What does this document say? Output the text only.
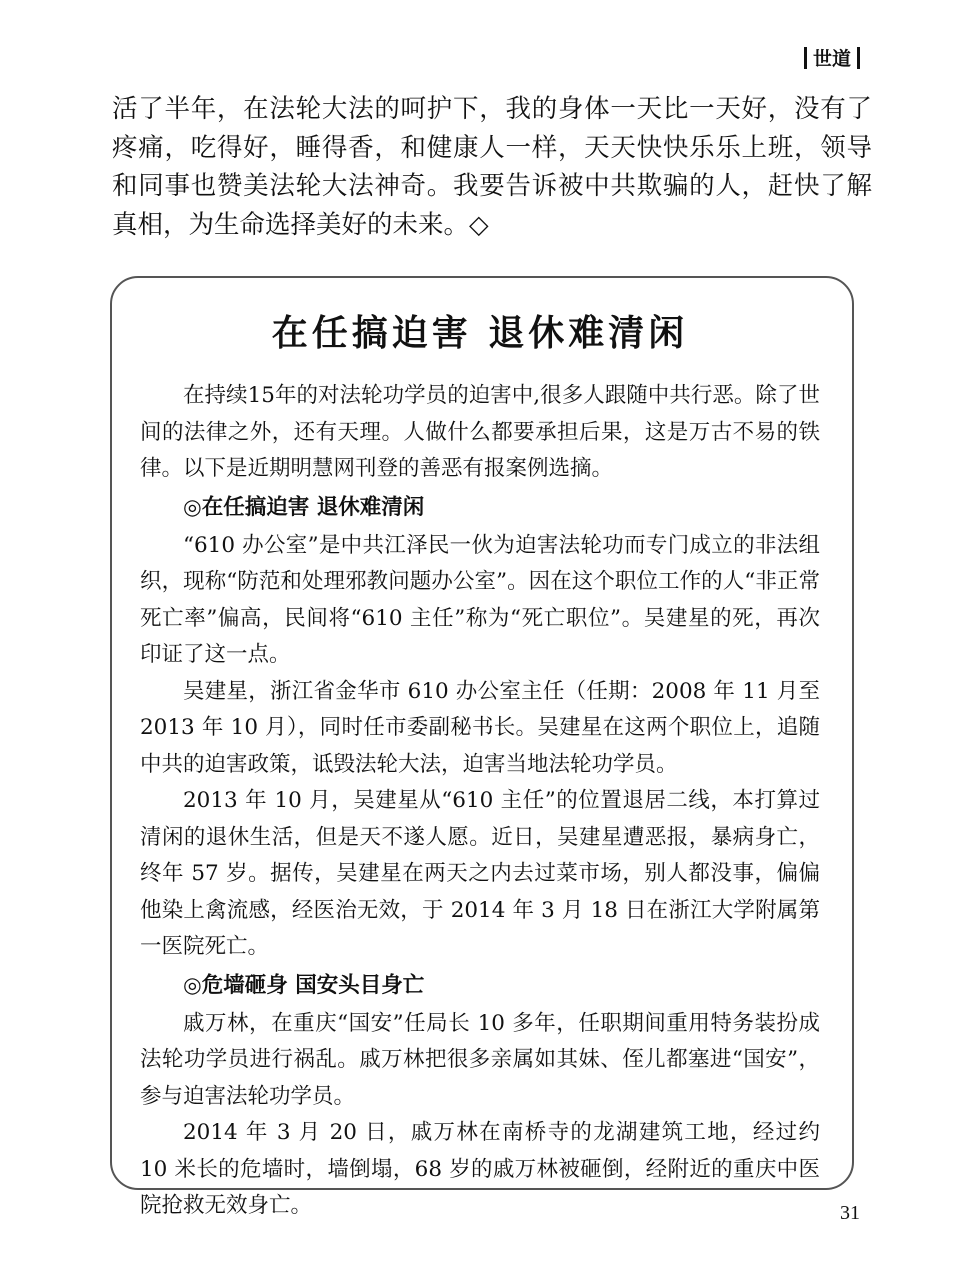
世道

活了半年，在法轮大法的呵护下，我的身体一天比一天好，没有了疼痛，吃得好，睡得香，和健康人一样，天天快快乐乐上班，领导和同事也赞美法轮大法神奇。我要告诉被中共欺骗的人，赶快了解真相，为生命选择美好的未来。◇

在任搞迫害 退休难清闲

在持续15年的对法轮功学员的迫害中,很多人跟随中共行恶。除了世间的法律之外，还有天理。人做什么都要承担后果，这是万古不易的铁律。以下是近期明慧网刊登的善恶有报案例选摘。

◎在任搞迫害 退休难清闲

“610 办公室”是中共江泽民一伙为迫害法轮功而专门成立的非法组织，现称“防范和处理邪教问题办公室”。因在这个职位工作的人“非正常死亡率”偏高，民间将“610 主任”称为“死亡职位”。吴建星的死，再次印证了这一点。

吴建星，浙江省金华市 610 办公室主任（任期：2008 年 11 月至 2013 年 10 月），同时任市委副秘书长。吴建星在这两个职位上，追随中共的迫害政策，诋毁法轮大法，迫害当地法轮功学员。

2013 年 10 月，吴建星从“610 主任”的位置退居二线，本打算过清闲的退休生活，但是天不遂人愿。近日，吴建星遭恶报，暴病身亡，终年 57 岁。据传，吴建星在两天之内去过菜市场，别人都没事，偏偏他染上禽流感，经医治无效，于 2014 年 3 月 18 日在浙江大学附属第一医院死亡。

◎危墙砸身 国安头目身亡

戚万林，在重庆“国安”任局长 10 多年，任职期间重用特务装扮成法轮功学员进行祸乱。戚万林把很多亲属如其妹、侄儿都塞进“国安”，参与迫害法轮功学员。

2014 年 3 月 20 日，戚万林在南桥寺的龙湖建筑工地，经过约 10 米长的危墙时，墙倒塌，68 岁的戚万林被砸倒，经附近的重庆中医院抢救无效身亡。	31
